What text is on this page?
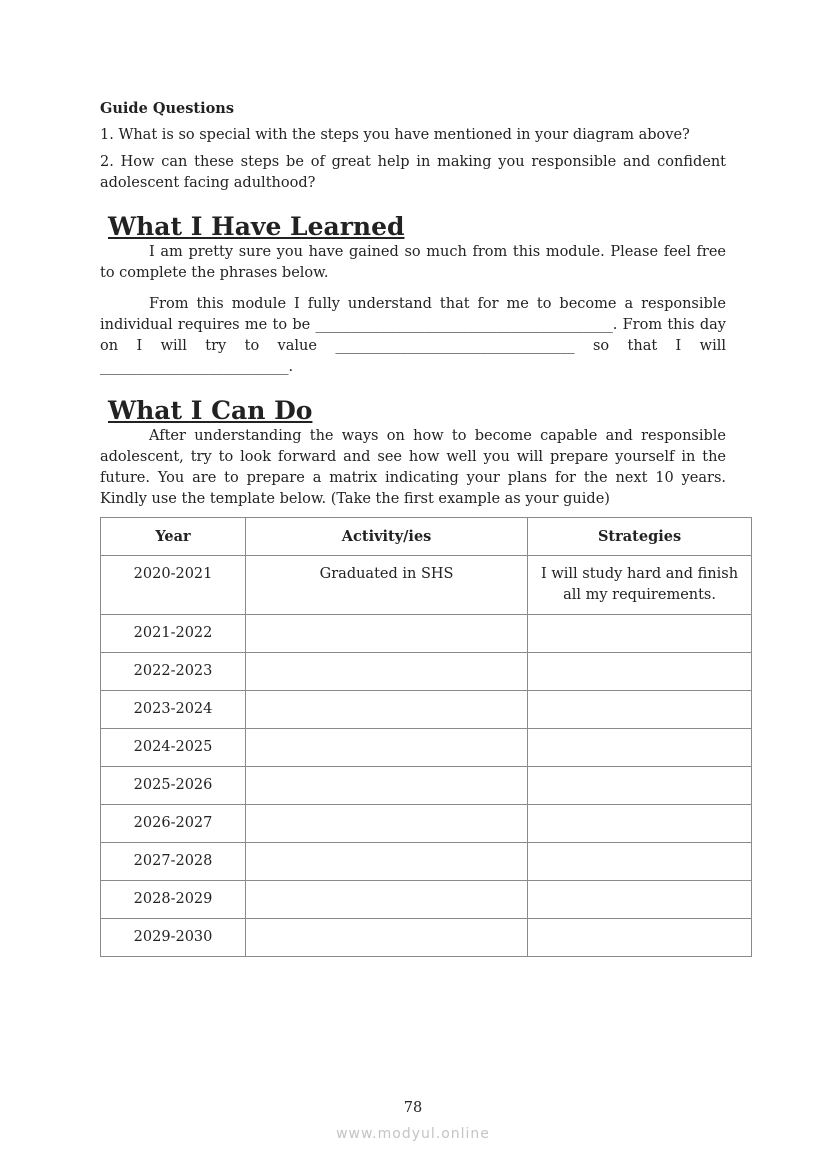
Guide Questions

1. What is so special with the steps you have mentioned in your diagram above?

2. How can these steps be of great help in making you responsible and confident adolescent facing adulthood?

What I Have Learned

I am pretty sure you have gained so much from this module. Please feel free to complete the phrases below.

From this module I fully understand that for me to become a responsible individual requires me to be _________________________________________. From this day on I will try to value _________________________________ so that I will __________________________.

What I Can Do

After understanding the ways on how to become capable and responsible adolescent, try to look forward and see how well you will prepare yourself in the future. You are to prepare a matrix indicating your plans for the next 10 years. Kindly use the template below. (Take the first example as your guide)

Year	Activity/ies	Strategies
2020-2021	Graduated in SHS	I will study hard and finish all my requirements.
2021-2022		
2022-2023		
2023-2024		
2024-2025		
2025-2026		
2026-2027		
2027-2028		
2028-2029		
2029-2030		
78
www.modyul.online
